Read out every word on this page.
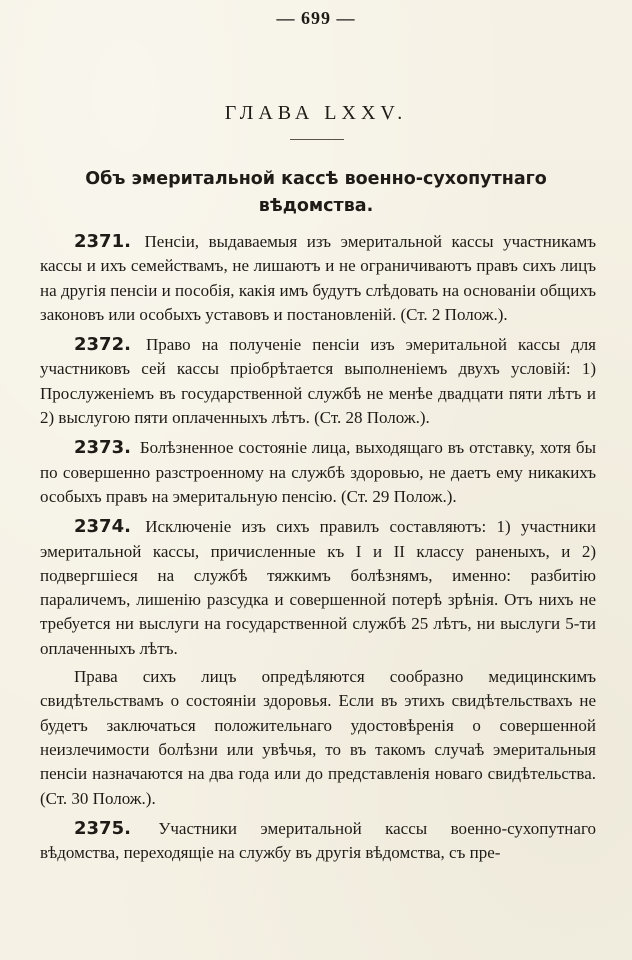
— 699 —
ГЛАВА LXXV.
Объ эмеритальной кассѣ военно-сухопутнаго
вѣдомства.

2371. Пенсіи, выдаваемыя изъ эмеритальной кассы участникамъ кассы и ихъ семействамъ, не лишаютъ и не ограничиваютъ правъ сихъ лицъ на другія пенсіи и пособія, какія имъ будутъ слѣдовать на основаніи общихъ законовъ или особыхъ уставовъ и постановленій. (Ст. 2 Полож.).

2372. Право на полученіе пенсіи изъ эмеритальной кассы для участниковъ сей кассы пріобрѣтается выполненіемъ двухъ условій: 1) Прослуженіемъ въ государственной службѣ не менѣе двадцати пяти лѣтъ и 2) выслугою пяти оплаченныхъ лѣтъ. (Ст. 28 Полож.).

2373. Болѣзненное состояніе лица, выходящаго въ отставку, хотя бы по совершенно разстроенному на службѣ здоровью, не даетъ ему никакихъ особыхъ правъ на эмеритальную пенсію. (Ст. 29 Полож.).

2374. Исключеніе изъ сихъ правилъ составляютъ: 1) участники эмеритальной кассы, причисленные къ I и II классу раненыхъ, и 2) подвергшіеся на службѣ тяжкимъ болѣзнямъ, именно: разбитію параличемъ, лишенію разсудка и совершенной потерѣ зрѣнія. Отъ нихъ не требуется ни выслуги на государственной службѣ 25 лѣтъ, ни выслуги 5-ти оплаченныхъ лѣтъ.

Права сихъ лицъ опредѣляются сообразно медицинскимъ свидѣтельствамъ о состояніи здоровья. Если въ этихъ свидѣтельствахъ не будетъ заключаться положительнаго удостовѣренія о совершенной неизлечимости болѣзни или увѣчья, то въ такомъ случаѣ эмеритальныя пенсіи назначаются на два года или до представленія новаго свидѣтельства. (Ст. 30 Полож.).

2375. Участники эмеритальной кассы военно-сухопутнаго вѣдомства, переходящіе на службу въ другія вѣдомства, съ пре-
